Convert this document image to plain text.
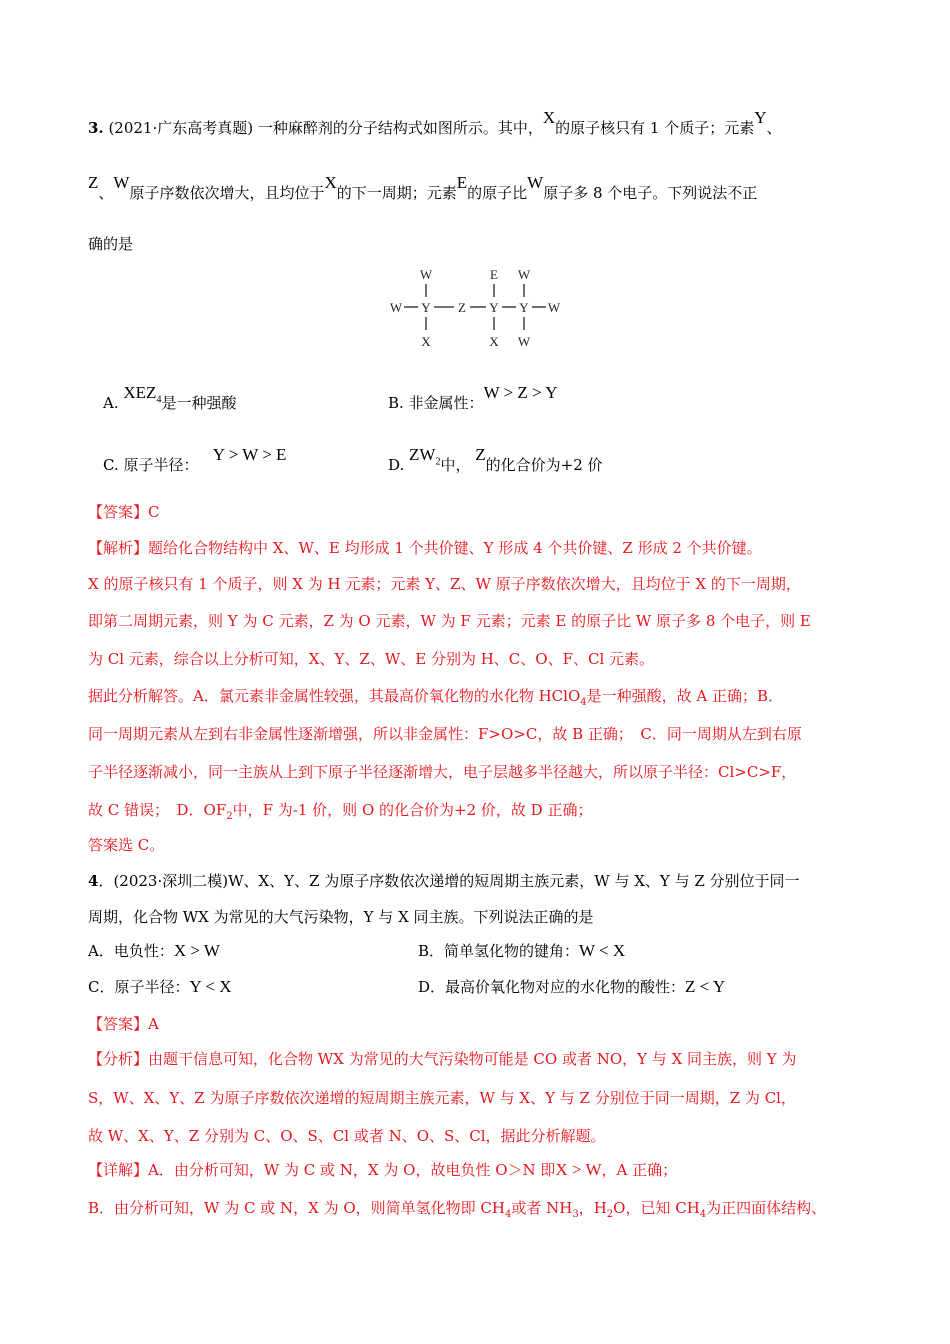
3. (2021·广东高考真题) 一种麻醉剂的分子结构式如图所示。其中，X的原子核只有 1 个质子；元素Y、
Z、W原子序数依次增大，且均位于X的下一周期；元素E的原子比W原子多 8 个电子。下列说法不正
确的是
W	E W
W Y Z Y Y W
X	X W
A. $XEZ_4$是一种强酸	B. 非金属性：W > Z > Y
C. 原子半径：   Y > W > E
D. $ZW_2$中， Z的化合价为+2 价
【答案】C
【解析】题给化合物结构中 X、W、E 均形成 1 个共价键、Y 形成 4 个共价键、Z 形成 2 个共价键。
X 的原子核只有 1 个质子，则 X 为 H 元素；元素 Y、Z、W 原子序数依次增大，且均位于 X 的下一周期，
即第二周期元素，则 Y 为 C 元素，Z 为 O 元素，W 为 F 元素；元素 E 的原子比 W 原子多 8 个电子，则 E
为 Cl 元素，综合以上分析可知，X、Y、Z、W、E 分别为 H、C、O、F、Cl 元素。
据此分析解答。A．氯元素非金属性较强，其最高价氧化物的水化物 HClO$_4$是一种强酸，故 A 正确；B．
同一周期元素从左到右非金属性逐渐增强，所以非金属性：F>O>C，故 B 正确；　C．同一周期从左到右原
子半径逐渐减小，同一主族从上到下原子半径逐渐增大，电子层越多半径越大，所以原子半径：Cl>C>F，
故 C 错误；　D．$OF_2$中，F 为-1 价，则 O 的化合价为+2 价，故 D 正确；
答案选 C。
4．(2023·深圳二模)W、X、Y、Z 为原子序数依次递增的短周期主族元素，W 与 X、Y 与 Z 分别位于同一
周期，化合物 WX 为常见的大气污染物，Y 与 X 同主族。下列说法正确的是
A．电负性：X > W	B．简单氢化物的键角：W < X
C．原子半径：Y < X	D．最高价氧化物对应的水化物的酸性：Z < Y
【答案】A
【分析】由题干信息可知，化合物 WX 为常见的大气污染物可能是 CO 或者 NO，Y 与 X 同主族，则 Y 为
S，W、X、Y、Z 为原子序数依次递增的短周期主族元素，W 与 X、Y 与 Z 分别位于同一周期，Z 为 Cl，
故 W、X、Y、Z 分别为 C、O、S、Cl 或者 N、O、S、Cl，据此分析解题。
【详解】A．由分析可知，W 为 C 或 N，X 为 O，故电负性 O＞N 即X > W，A 正确；
B．由分析可知，W 为 C 或 N，X 为 O，则简单氢化物即 $CH_4$或者 $NH_3$，$H_2O$，已知 $CH_4$为正四面体结构、
